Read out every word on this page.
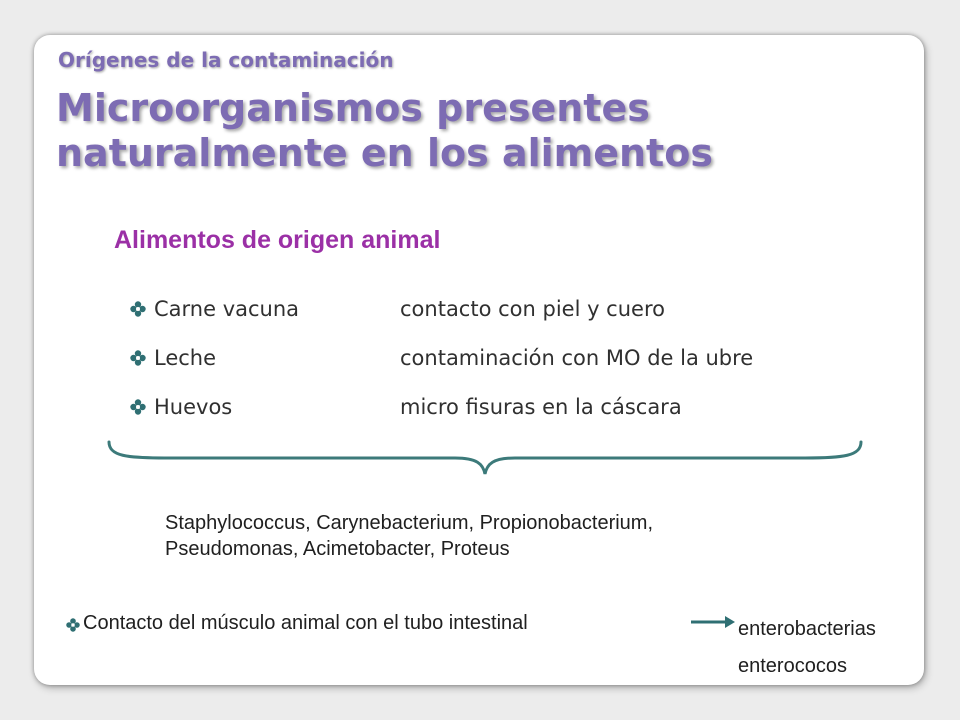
Orígenes de la contaminación
Microorganismos presentes naturalmente en los alimentos
Alimentos de origen animal
Carne vacuna	contacto con piel y cuero
Leche	contaminación con MO de la ubre
Huevos	micro fisuras en la cáscara
Staphylococcus, Carynebacterium, Propionobacterium,
Pseudomonas, Acimetobacter, Proteus
Contacto del músculo animal con el tubo intestinal	enterobacterias
enterococos
